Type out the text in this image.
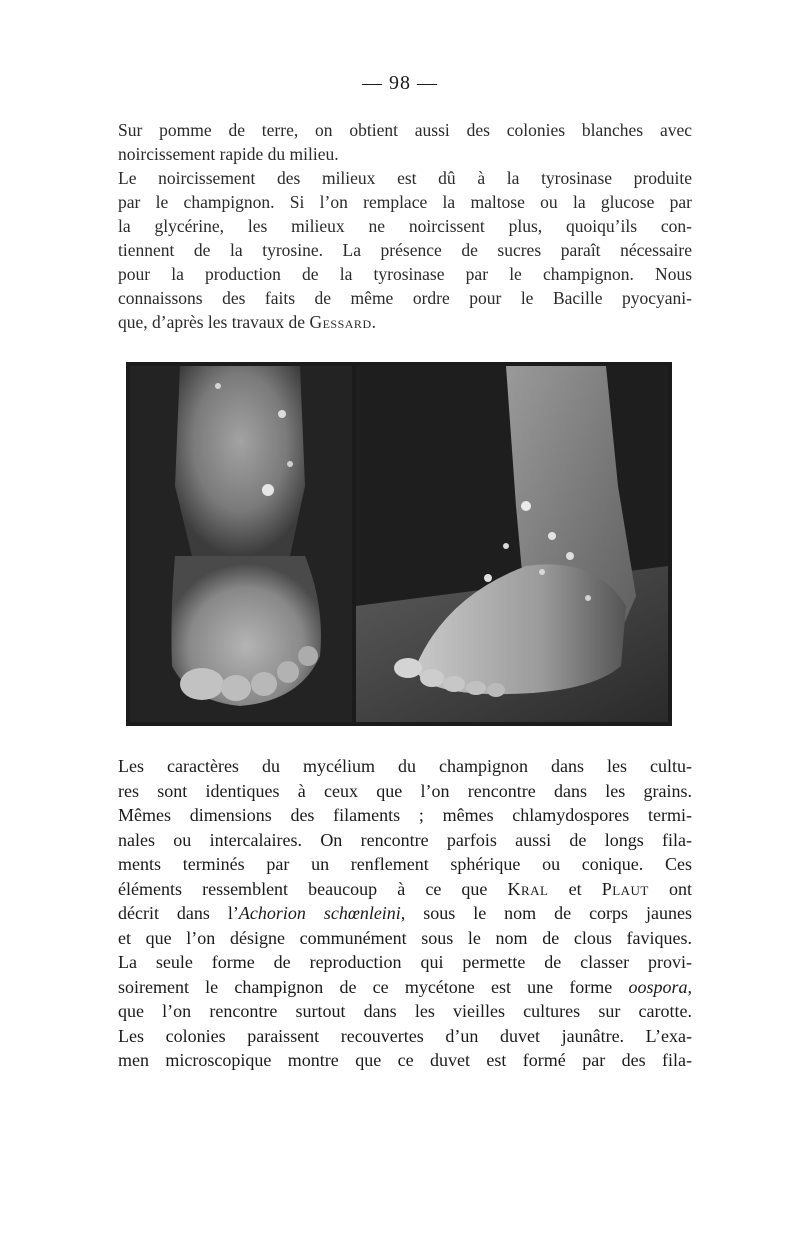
— 98 —
Sur pomme de terre, on obtient aussi des colonies blanches avec
noircissement rapide du milieu.
Le noircissement des milieux est dû à la tyrosinase produite
par le champignon. Si l’on remplace la maltose ou la glucose par
la glycérine, les milieux ne noircissent plus, quoiqu’ils con-
tiennent de la tyrosine. La présence de sucres paraît nécessaire
pour la production de la tyrosinase par le champignon. Nous
connaissons des faits de même ordre pour le Bacille pyocyani-
que, d’après les travaux de Gessard.
Les caractères du mycélium du champignon dans les cultu-
res sont identiques à ceux que l’on rencontre dans les grains.
Mêmes dimensions des filaments ; mêmes chlamydospores termi-
nales ou intercalaires. On rencontre parfois aussi de longs fila-
ments terminés par un renflement sphérique ou conique. Ces
éléments ressemblent beaucoup à ce que Kral et Plaut ont
décrit dans l’Achorion schœnleini, sous le nom de corps jaunes
et que l’on désigne communément sous le nom de clous faviques.
La seule forme de reproduction qui permette de classer provi-
soirement le champignon de ce mycétone est une forme oospora,
que l’on rencontre surtout dans les vieilles cultures sur carotte.
Les colonies paraissent recouvertes d’un duvet jaunâtre. L’exa-
men microscopique montre que ce duvet est formé par des fila-
